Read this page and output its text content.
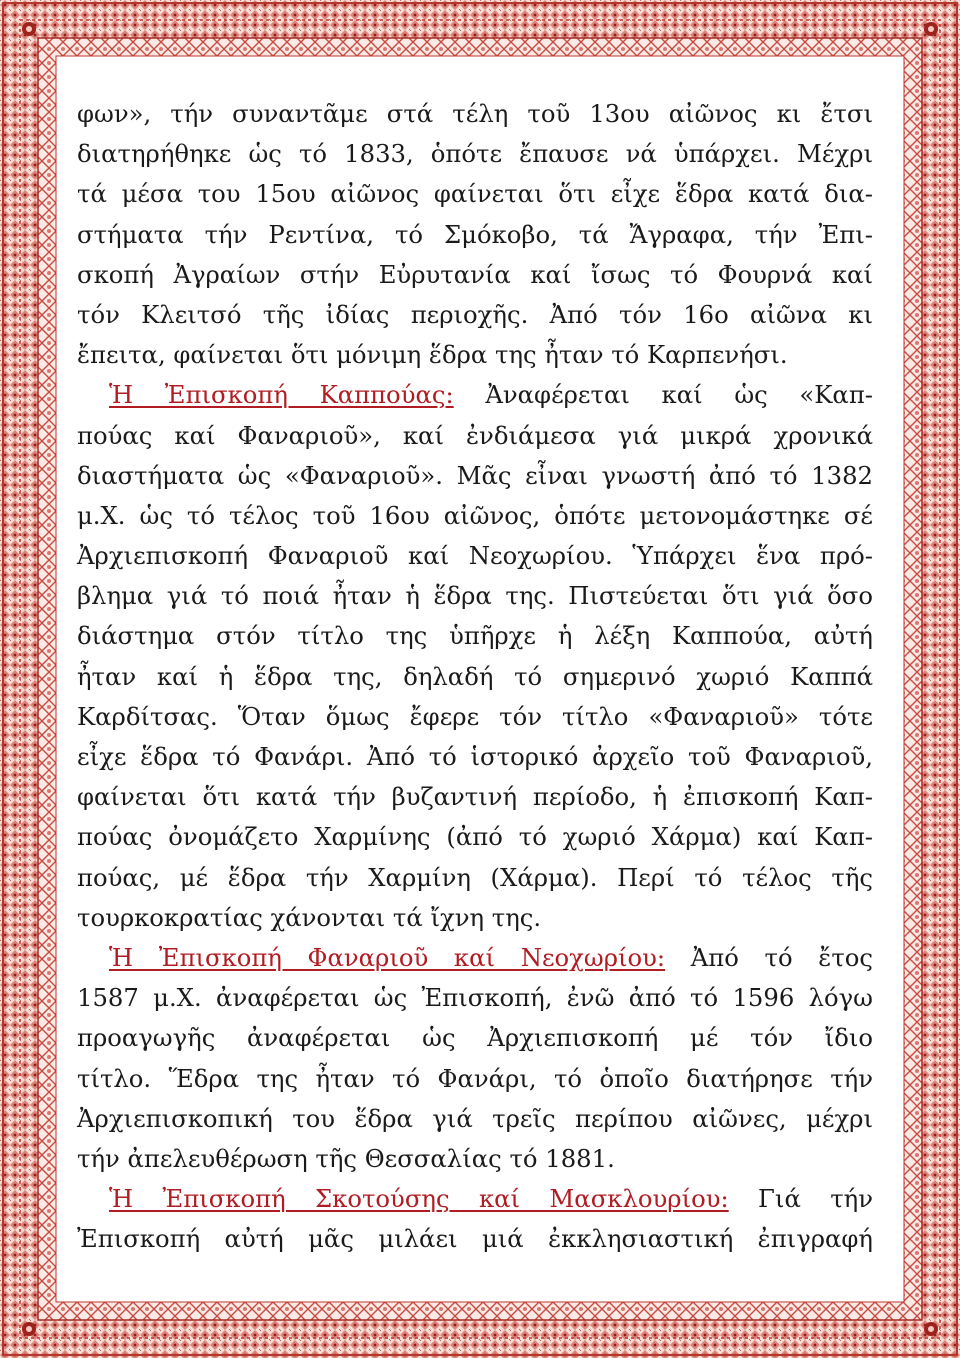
φων», τήν συναντᾶμε στά τέλη τοῦ 13ου αἰῶνος κι ἔτσι
διατηρήθηκε ὡς τό 1833, ὁπότε ἔπαυσε νά ὑπάρχει. Μέχρι
τά μέσα του 15ου αἰῶνος φαίνεται ὅτι εἶχε ἕδρα κατά δια-
στήματα τήν Ρεντίνα, τό Σμόκοβο, τά Ἄγραφα, τήν Ἐπι-
σκοπή Ἀγραίων στήν Εὐρυτανία καί ἴσως τό Φουρνά καί
τόν Κλειτσό τῆς ἰδίας περιοχῆς. Ἀπό τόν 16ο αἰῶνα κι
ἔπειτα, φαίνεται ὅτι μόνιμη ἕδρα της ἦταν τό Καρπενήσι.
Ἡ Ἐπισκοπή Καππούας: Ἀναφέρεται καί ὡς «Καπ-
πούας καί Φαναριοῦ», καί ἐνδιάμεσα γιά μικρά χρονικά
διαστήματα ὡς «Φαναριοῦ». Μᾶς εἶναι γνωστή ἀπό τό 1382
μ.Χ. ὡς τό τέλος τοῦ 16ου αἰῶνος, ὁπότε μετονομάστηκε σέ
Ἀρχιεπισκοπή Φαναριοῦ καί Νεοχωρίου. Ὑπάρχει ἕνα πρό-
βλημα γιά τό ποιά ἦταν ἡ ἕδρα της. Πιστεύεται ὅτι γιά ὅσο
διάστημα στόν τίτλο της ὑπῆρχε ἡ λέξη Καππούα, αὐτή
ἦταν καί ἡ ἕδρα της, δηλαδή τό σημερινό χωριό Καππά
Καρδίτσας. Ὅταν ὅμως ἔφερε τόν τίτλο «Φαναριοῦ» τότε
εἶχε ἕδρα τό Φανάρι. Ἀπό τό ἱστορικό ἀρχεῖο τοῦ Φαναριοῦ,
φαίνεται ὅτι κατά τήν βυζαντινή περίοδο, ἡ ἐπισκοπή Καπ-
πούας ὀνομάζετο Χαρμίνης (ἀπό τό χωριό Χάρμα) καί Καπ-
πούας, μέ ἕδρα τήν Χαρμίνη (Χάρμα). Περί τό τέλος τῆς
τουρκοκρατίας χάνονται τά ἴχνη της.
Ἡ Ἐπισκοπή Φαναριοῦ καί Νεοχωρίου: Ἀπό τό ἔτος
1587 μ.Χ. ἀναφέρεται ὡς Ἐπισκοπή, ἐνῶ ἀπό τό 1596 λόγω
προαγωγῆς ἀναφέρεται ὡς Ἀρχιεπισκοπή μέ τόν ἴδιο
τίτλο. Ἕδρα της ἦταν τό Φανάρι, τό ὁποῖο διατήρησε τήν
Ἀρχιεπισκοπική του ἕδρα γιά τρεῖς περίπου αἰῶνες, μέχρι
τήν ἀπελευθέρωση τῆς Θεσσαλίας τό 1881.
Ἡ Ἐπισκοπή Σκοτούσης καί Μασκλουρίου: Γιά τήν
Ἐπισκοπή αὐτή μᾶς μιλάει μιά ἐκκλησιαστική ἐπιγραφή
